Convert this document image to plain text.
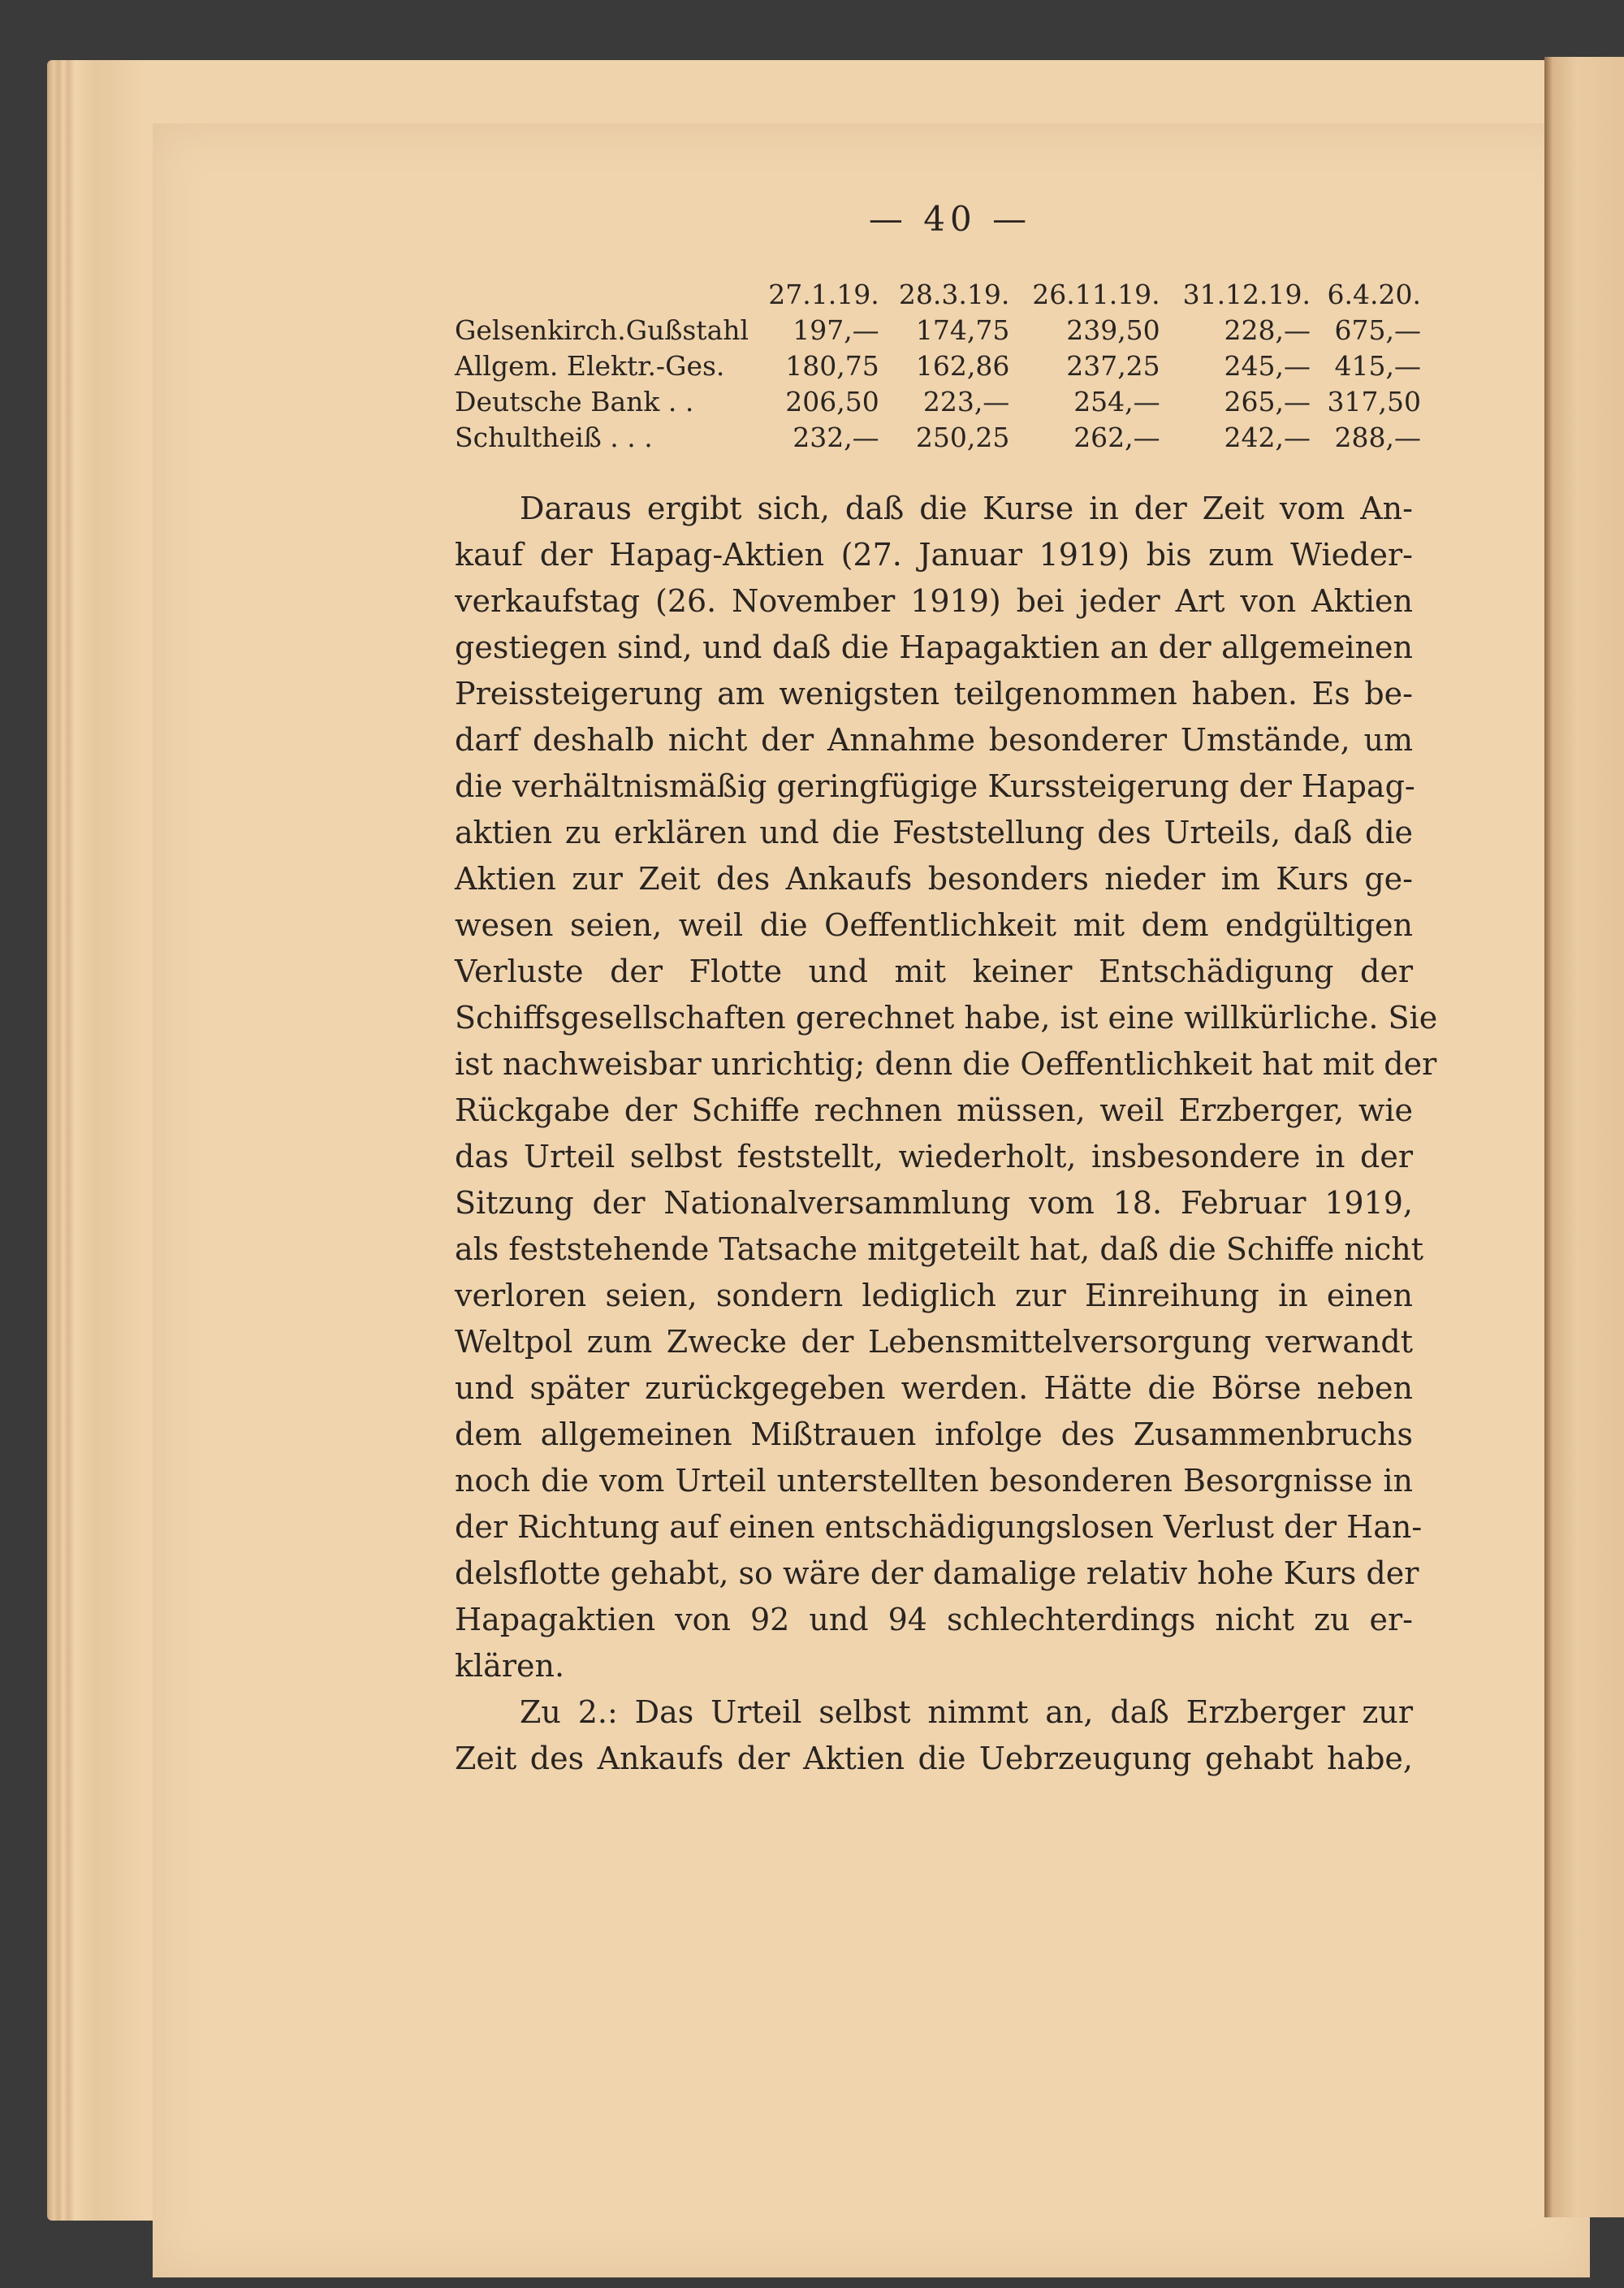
— 40 —
	27.1.19.	28.3.19.	26.11.19.	31.12.19.	6.4.20.
Gelsenkirch.Gußstahl	197,—	174,75	239,50	228,—	675,—
Allgem. Elektr.-Ges.	180,75	162,86	237,25	245,—	415,—
Deutsche Bank . .	206,50	223,—	254,—	265,—	317,50
Schultheiß . . .	232,—	250,25	262,—	242,—	288,—
Daraus ergibt sich, daß die Kurse in der Zeit vom An-
kauf der Hapag-Aktien (27. Januar 1919) bis zum Wieder-
verkaufstag (26. November 1919) bei jeder Art von Aktien
gestiegen sind, und daß die Hapagaktien an der allgemeinen
Preissteigerung am wenigsten teilgenommen haben. Es be-
darf deshalb nicht der Annahme besonderer Umstände, um
die verhältnismäßig geringfügige Kurssteigerung der Hapag-
aktien zu erklären und die Feststellung des Urteils, daß die
Aktien zur Zeit des Ankaufs besonders nieder im Kurs ge-
wesen seien, weil die Oeffentlichkeit mit dem endgültigen
Verluste der Flotte und mit keiner Entschädigung der
Schiffsgesellschaften gerechnet habe, ist eine willkürliche. Sie
ist nachweisbar unrichtig; denn die Oeffentlichkeit hat mit der
Rückgabe der Schiffe rechnen müssen, weil Erzberger, wie
das Urteil selbst feststellt, wiederholt, insbesondere in der
Sitzung der Nationalversammlung vom 18. Februar 1919,
als feststehende Tatsache mitgeteilt hat, daß die Schiffe nicht
verloren seien, sondern lediglich zur Einreihung in einen
Weltpol zum Zwecke der Lebensmittelversorgung verwandt
und später zurückgegeben werden. Hätte die Börse neben
dem allgemeinen Mißtrauen infolge des Zusammenbruchs
noch die vom Urteil unterstellten besonderen Besorgnisse in
der Richtung auf einen entschädigungslosen Verlust der Han-
delsflotte gehabt, so wäre der damalige relativ hohe Kurs der
Hapagaktien von 92 und 94 schlechterdings nicht zu er-
klären.
Zu 2.: Das Urteil selbst nimmt an, daß Erzberger zur
Zeit des Ankaufs der Aktien die Uebrzeugung gehabt habe,
